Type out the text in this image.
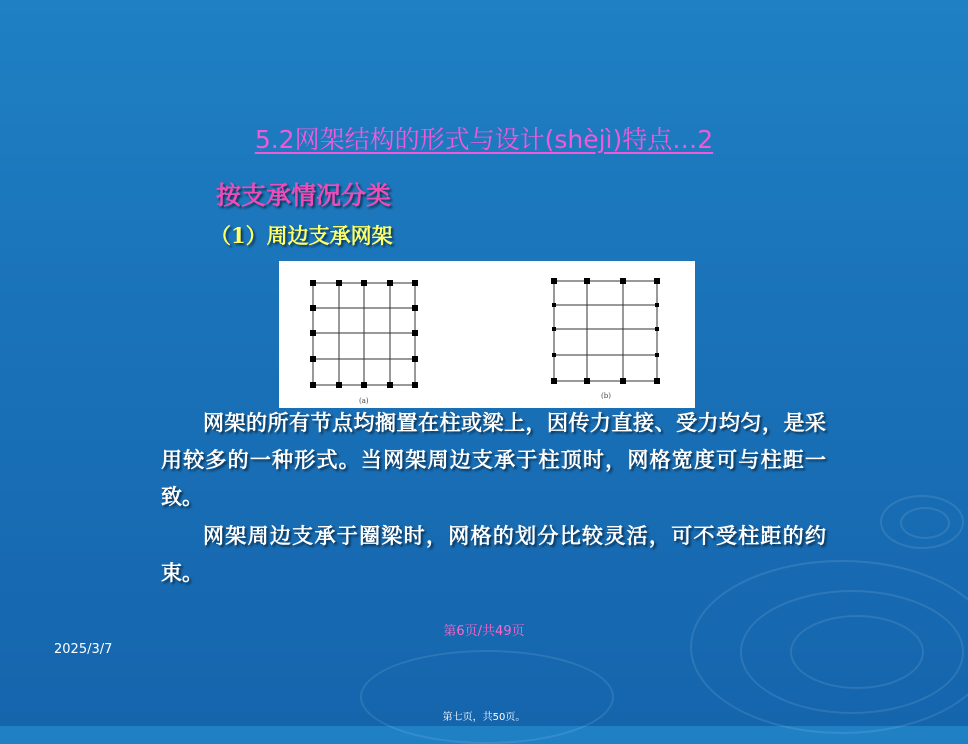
5.2网架结构的形式与设计(shèjì)特点…2
按支承情况分类
（1）周边支承网架
(a)
(b)

网架的所有节点均搁置在柱或梁上，因传力直接、受力均匀，是采用较多的一种形式。当网架周边支承于柱顶时，网格宽度可与柱距一致。

网架周边支承于圈梁时，网格的划分比较灵活，可不受柱距的约束。

第6页/共49页
2025/3/7
第七页，共50页。
